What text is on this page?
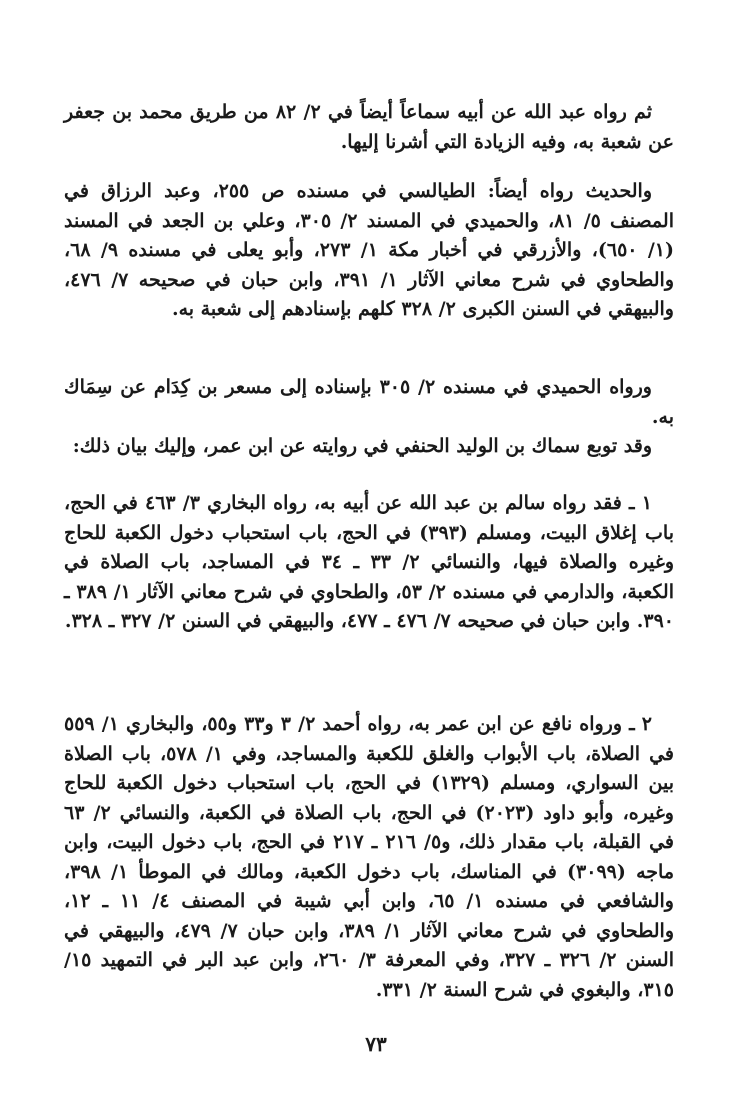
ثم رواه عبد الله عن أبيه سماعاً أيضاً في ٢/ ٨٢ من طريق محمد بن جعفر عن شعبة به، وفيه الزيادة التي أشرنا إليها.

والحديث رواه أيضاً: الطيالسي في مسنده ص ٢٥٥، وعبد الرزاق في المصنف ٥/ ٨١، والحميدي في المسند ٢/ ٣٠٥، وعلي بن الجعد في المسند (١/ ٦٥٠)، والأزرقي في أخبار مكة ١/ ٢٧٣، وأبو يعلى في مسنده ٩/ ٦٨، والطحاوي في شرح معاني الآثار ١/ ٣٩١، وابن حبان في صحيحه ٧/ ٤٧٦، والبيهقي في السنن الكبرى ٢/ ٣٢٨ كلهم بإسنادهم إلى شعبة به.

ورواه الحميدي في مسنده ٢/ ٣٠٥ بإسناده إلى مسعر بن كِدَام عن سِمَاك به.

وقد توبع سماك بن الوليد الحنفي في روايته عن ابن عمر، وإليك بيان ذلك:

١ ـ فقد رواه سالم بن عبد الله عن أبيه به، رواه البخاري ٣/ ٤٦٣ في الحج، باب إغلاق البيت، ومسلم (٣٩٣) في الحج، باب استحباب دخول الكعبة للحاج وغيره والصلاة فيها، والنسائي ٢/ ٣٣ ـ ٣٤ في المساجد، باب الصلاة في الكعبة، والدارمي في مسنده ٢/ ٥٣، والطحاوي في شرح معاني الآثار ١/ ٣٨٩ ـ ٣٩٠. وابن حبان في صحيحه ٧/ ٤٧٦ ـ ٤٧٧، والبيهقي في السنن ٢/ ٣٢٧ ـ ٣٢٨.

٢ ـ ورواه نافع عن ابن عمر به، رواه أحمد ٢/ ٣ و٣٣ و٥٥، والبخاري ١/ ٥٥٩ في الصلاة، باب الأبواب والغلق للكعبة والمساجد، وفي ١/ ٥٧٨، باب الصلاة بين السواري، ومسلم (١٣٢٩) في الحج، باب استحباب دخول الكعبة للحاج وغيره، وأبو داود (٢٠٢٣) في الحج، باب الصلاة في الكعبة، والنسائي ٢/ ٦٣ في القبلة، باب مقدار ذلك، و٥/ ٢١٦ ـ ٢١٧ في الحج، باب دخول البيت، وابن ماجه (٣٠٩٩) في المناسك، باب دخول الكعبة، ومالك في الموطأ ١/ ٣٩٨، والشافعي في مسنده ١/ ٦٥، وابن أبي شيبة في المصنف ٤/ ١١ ـ ١٢، والطحاوي في شرح معاني الآثار ١/ ٣٨٩، وابن حبان ٧/ ٤٧٩، والبيهقي في السنن ٢/ ٣٢٦ ـ ٣٢٧، وفي المعرفة ٣/ ٢٦٠، وابن عبد البر في التمهيد ١٥/ ٣١٥، والبغوي في شرح السنة ٢/ ٣٣١.

٧٣
